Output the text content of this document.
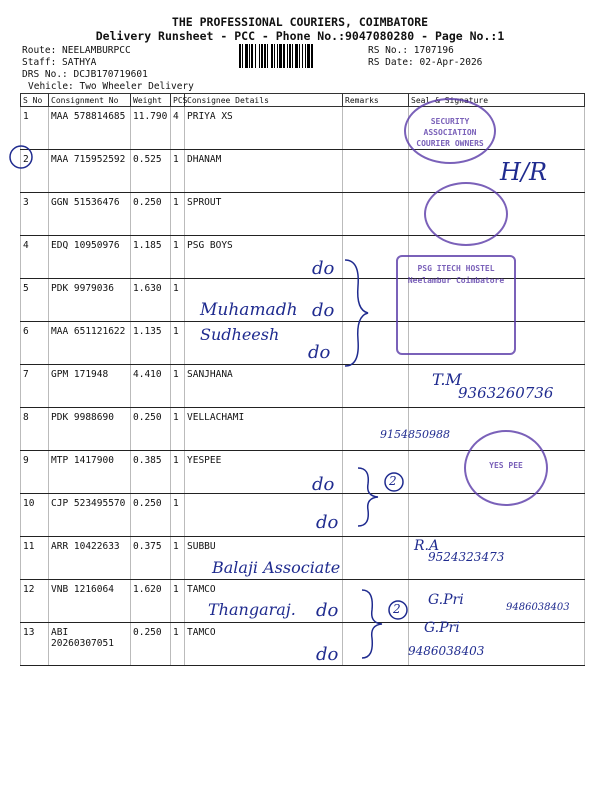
THE PROFESSIONAL COURIERS, COIMBATORE
Delivery Runsheet - PCC - Phone No.:9047080280 - Page No.:1
Route: NEELAMBURPCC
Staff: SATHYA
DRS No.: DCJB170719601
Vehicle: Two Wheeler Delivery
RS No.: 1707196
RS Date: 02-Apr-2026
S No	Consignment No	Weight	PCS	Consignee Details	Remarks	Seal & Signature
1	MAA 578814685	11.790	4	PRIYA XS		
2	MAA 715952592	0.525	1	DHANAM		
3	GGN 51536476	0.250	1	SPROUT		
4	EDQ 10950976	1.185	1	PSG BOYS		
5	PDK 9979036	1.630	1			
6	MAA 651121622	1.135	1			
7	GPM 171948	4.410	1	SANJHANA		
8	PDK 9988690	0.250	1	VELLACHAMI		
9	MTP 1417900	0.385	1	YESPEE		
10	CJP 523495570	0.250	1			
11	ARR 10422633	0.375	1	SUBBU		
12	VNB 1216064	1.620	1	TAMCO		
13	ABI 20260307051	0.250	1	TAMCO		
2
2
H/R
do
Muhamadh do
Sudheesh
do
T.M
9363260736
9154850988
do
do
R.A
9524323473
Balaji Associate
Thangaraj. do	G.Pri	9486038403
G.Pri
9486038403
do
SECURITY ASSOCIATION COURIER OWNERS
PSG ITECH HOSTEL Neelambur Coimbatore
YES PEE
